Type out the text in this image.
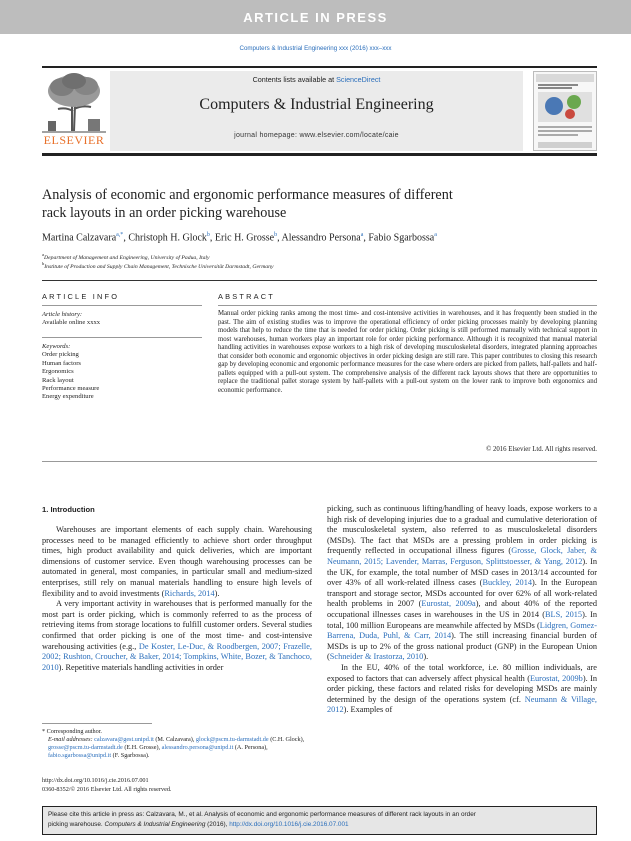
ARTICLE IN PRESS
Computers & Industrial Engineering xxx (2016) xxx–xxx
ELSEVIER
Contents lists available at ScienceDirect
Computers & Industrial Engineering
journal homepage: www.elsevier.com/locate/caie
Analysis of economic and ergonomic performance measures of different
rack layouts in an order picking warehouse
Martina Calzavara$^{a,*}$, Christoph H. Glock$^b$, Eric H. Grosse$^b$, Alessandro Persona$^a$, Fabio Sgarbossa$^a$
$^a$Department of Management and Engineering, University of Padua, Italy
$^b$Institute of Production and Supply Chain Management, Technische Universität Darmstadt, Germany
ARTICLE INFO	ABSTRACT
Article history:
Available online xxxx
Keywords:
Order picking
Human factors
Ergonomics
Rack layout
Performance measure
Energy expenditure
Manual order picking ranks among the most time- and cost-intensive activities in warehouses, and it has frequently been studied in the past. The aim of existing studies was to improve the operational efficiency of order picking processes mainly by developing planning models that help to reduce the time that is needed for order picking. Order picking is still performed manually with technical support in most warehouses, human workers play an important role for order picking performance. Although it is recognized that manual material handling activities in warehouses expose workers to a high risk of developing musculoskeletal disorders, integrated planning approaches that consider both economic and ergonomic objectives in order picking design are still rare. This paper contributes to closing this research gap by developing economic and ergonomic performance measures for the case where orders are picked from pallets, half-pallets and half-pallets equipped with a pull-out system. The comprehensive analysis of the different rack layouts shows that there are opportunities to replace the traditional pallet storage system by half-pallets with a pull-out system on the lower rank to improve both ergonomics and economic performance.
© 2016 Elsevier Ltd. All rights reserved.
1. Introduction

Warehouses are important elements of each supply chain. Warehousing processes need to be managed efficiently to achieve short order throughput times, high product availability and quick deliveries, which are important dimensions of customer service. Even though warehousing processes can be automated in general, most companies, in particular small and medium-sized enterprises, still rely on manual materials handling to ensure high levels of flexibility and to avoid investments (Richards, 2014).

A very important activity in warehouses that is performed manually for the most part is order picking, which is commonly referred to as the process of retrieving items from storage locations to fulfill customer orders. Several studies confirmed that order picking is one of the most time- and cost-intensive warehousing activities (e.g., De Koster, Le-Duc, & Roodbergen, 2007; Frazelle, 2002; Rushton, Croucher, & Baker, 2014; Tompkins, White, Bozer, & Tanchoco, 2010). Repetitive materials handling activities in order

picking, such as continuous lifting/handling of heavy loads, expose workers to a high risk of developing injuries due to a gradual and cumulative deterioration of the musculoskeletal system, also referred to as musculoskeletal disorders (MSDs). The fact that MSDs are a pressing problem in order picking is frequently reflected in occupational illness figures (Grosse, Glock, Jaber, & Neumann, 2015; Lavender, Marras, Ferguson, Splittstoesser, & Yang, 2012). In the UK, for example, the total number of MSD cases in 2013/14 accounted for over 43% of all work-related illness cases (Buckley, 2014). In the European transport and storage sector, MSDs accounted for over 62% of all work-related health problems in 2007 (Eurostat, 2009a), and about 40% of the reported occupational illnesses cases in warehouses in the US in 2014 (BLS, 2015). In total, 100 million Europeans are meanwhile affected by MSDs (Lidgren, Gomez-Barrena, Duda, Puhl, & Carr, 2014). The still increasing financial burden of MSDs is up to 2% of the gross national product (GNP) in the European Union (Schneider & Irastorza, 2010).

In the EU, 40% of the total workforce, i.e. 80 million individuals, are exposed to factors that can adversely affect physical health (Eurostat, 2009b). In order picking, these factors and related risks for developing MSDs are mainly determined by the design of the operations system (cf. Neumann & Village, 2012). Examples of

* Corresponding author.
E-mail addresses: calzavara@gest.unipd.it (M. Calzavara), glock@pscm.tu-darmstadt.de (C.H. Glock), grosse@pscm.tu-darmstadt.de (E.H. Grosse), alessandro.persona@unipd.it (A. Persona), fabio.sgarbossa@unipd.it (F. Sgarbossa).
http://dx.doi.org/10.1016/j.cie.2016.07.001
0360-8352/© 2016 Elsevier Ltd. All rights reserved.
Please cite this article in press as: Calzavara, M., et al. Analysis of economic and ergonomic performance measures of different rack layouts in an order
picking warehouse. Computers & Industrial Engineering (2016), http://dx.doi.org/10.1016/j.cie.2016.07.001
